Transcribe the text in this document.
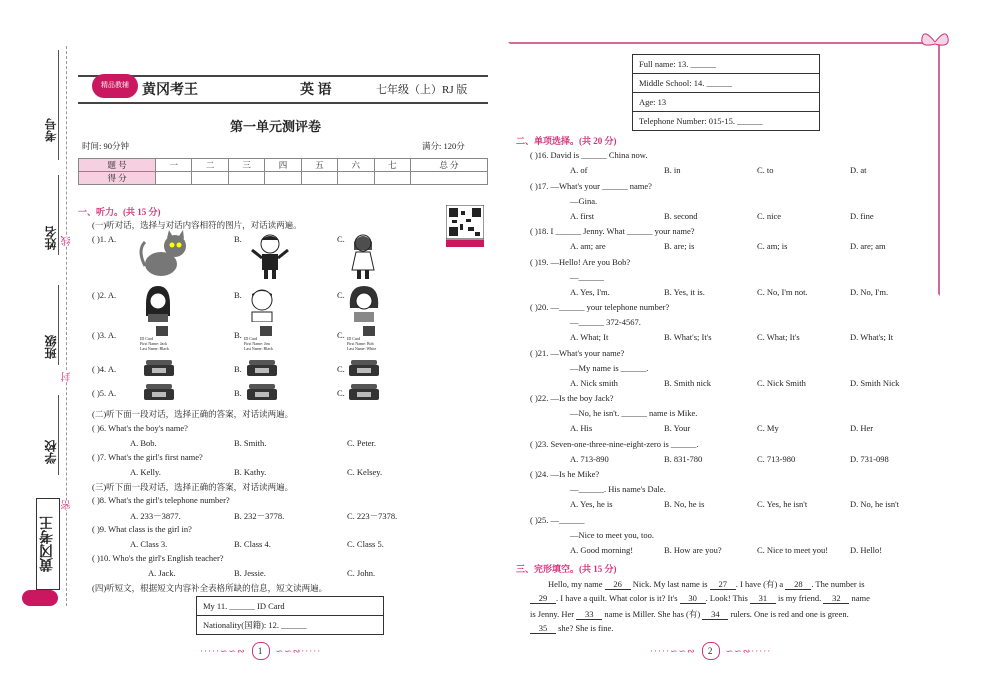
考号
姓名
班级
学校
线
封
密
黄冈考王
精品教辅 黄冈考王	英 语	七年级（上）RJ 版
第一单元测评卷
时间: 90分钟	满分: 120分
题 号	一	二	三	四	五	六	七	总 分
得 分								
一、听力。(共 15 分)
(一)听对话，选择与对话内容相符的图片，对话读两遍。
( )1. A.	B.	C.
( )2. A.	B.	C.
( )3. A.	ID Card
First Name: Jack
Last Name: Black
B. ID Card
First Name: Jim
Last Name: Black
C. ID Card
First Name: Bob
Last Name: White
( )4. A.	B.	C.
( )5. A.	B.	C.
(二)听下面一段对话，选择正确的答案，对话读两遍。
( )6. What's the boy's name?
A. Bob.	B. Smith.	C. Peter.
( )7. What's the girl's first name?
A. Kelly.	B. Kathy.	C. Kelsey.
(三)听下面一段对话，选择正确的答案，对话读两遍。
( )8. What's the girl's telephone number?
A. 233－3877.	B. 232－3778.	C. 223－7378.
( )9. What class is the girl in?
A. Class 3.	B. Class 4.	C. Class 5.
( )10. Who's the girl's English teacher?
A. Jack.	B. Jessie.	C. John.
(四)听短文，根据短文内容补全表格所缺的信息，短文读两遍。
My 11. ______ ID Card
Nationality(国籍): 12. ______
·····∽∽∾ 1 ∽∽∾·····
Full name: 13. ______
Middle School: 14. ______
Age: 13
Telephone Number: 015-15. ______
二、单项选择。(共 20 分)
( )16. David is ______ China now.
A. of	B. in	C. to	D. at
( )17. —What's your ______ name?
—Gina.
A. first	B. second	C. nice	D. fine
( )18. I ______ Jenny. What ______ your name?
A. am; are	B. are; is	C. am; is	D. are; am
( )19. —Hello! Are you Bob?
—______
A. Yes, I'm.	B. Yes, it is.	C. No, I'm not.	D. No, I'm.
( )20. —______ your telephone number?
—______ 372-4567.
A. What; It	B. What's; It's	C. What; It's	D. What's; It
( )21. —What's your name?
—My name is ______.
A. Nick smith	B. Smith nick	C. Nick Smith	D. Smith Nick
( )22. —Is the boy Jack?
—No, he isn't. ______ name is Mike.
A. His	B. Your	C. My	D. Her
( )23. Seven-one-three-nine-eight-zero is ______.
A. 713-890	B. 831-780	C. 713-980	D. 731-098
( )24. —Is he Mike?
—______. His name's Dale.
A. Yes, he is	B. No, he is	C. Yes, he isn't	D. No, he isn't
( )25. —______
—Nice to meet you, too.
A. Good morning!	B. How are you?	C. Nice to meet you!	D. Hello!
三、完形填空。(共 15 分)
Hello, my name 26 Nick. My last name is 27 . I have (有) a 28 . The number is
29 . I have a quilt. What color is it? It's 30 . Look! This 31 is my friend. 32 name
is Jenny. Her 33 name is Miller. She has (有) 34 rulers. One is red and one is green.
35 she? She is fine.
·····∽∽∾ 2 ∽∽∾·····
